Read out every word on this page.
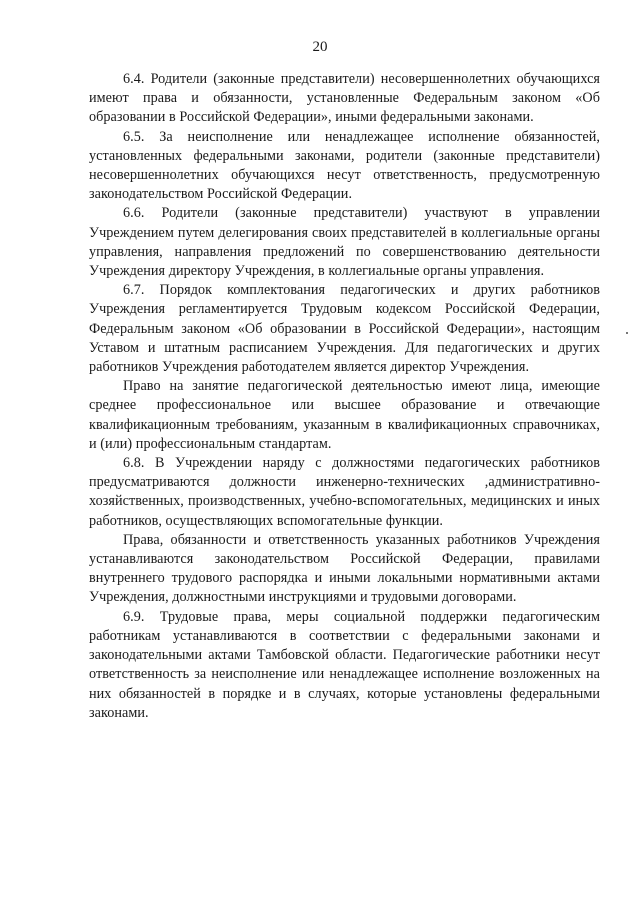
20

6.4. Родители (законные представители) несовершеннолетних обучающихся имеют права и обязанности, установленные Федеральным законом «Об образовании в Российской Федерации», иными федеральными законами.

6.5. За неисполнение или ненадлежащее исполнение обязанностей, установленных федеральными законами, родители (законные представители) несовершеннолетних обучающихся несут ответственность, предусмотренную законодательством Российской Федерации.

6.6. Родители (законные представители) участвуют в управлении Учреждением путем делегирования своих представителей в коллегиальные органы управления, направления предложений по совершенствованию деятельности Учреждения директору Учреждения, в коллегиальные органы управления.

6.7. Порядок комплектования педагогических и других работников Учреждения регламентируется Трудовым кодексом Российской Федерации, Федеральным законом «Об образовании в Российской Федерации», настоящим Уставом и штатным расписанием Учреждения. Для педагогических и других работников Учреждения работодателем является директор Учреждения.

Право на занятие педагогической деятельностью имеют лица, имеющие среднее профессиональное или высшее образование и отвечающие квалификационным требованиям, указанным в квалификационных справочниках, и (или) профессиональным стандартам.

6.8. В Учреждении наряду с должностями педагогических работников предусматриваются должности инженерно-технических ,административно-хозяйственных, производственных, учебно-вспомогательных, медицинских и иных работников, осуществляющих вспомогательные функции.

Права, обязанности и ответственность указанных работников Учреждения устанавливаются законодательством Российской Федерации, правилами внутреннего трудового распорядка и иными локальными нормативными актами Учреждения, должностными инструкциями и трудовыми договорами.

6.9. Трудовые права, меры социальной поддержки педагогическим работникам устанавливаются в соответствии с федеральными законами и законодательными актами Тамбовской области. Педагогические работники несут ответственность за неисполнение или ненадлежащее исполнение возложенных на них обязанностей в порядке и в случаях, которые установлены федеральными законами.
